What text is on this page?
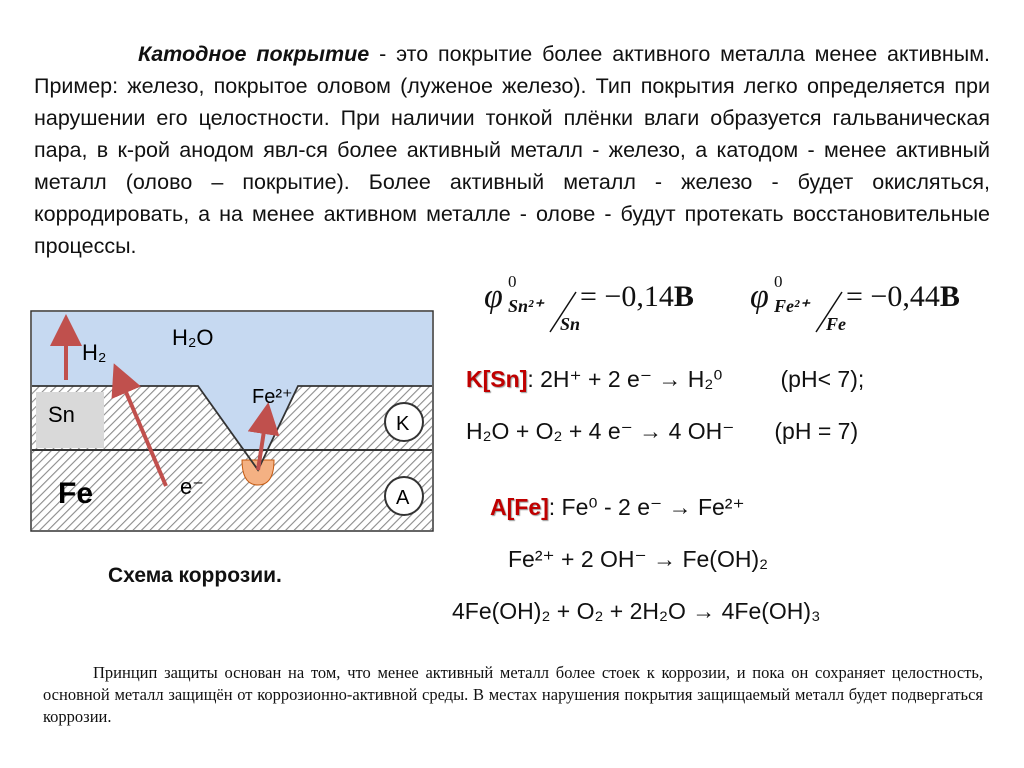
Катодное покрытие - это покрытие более активного металла менее активным. Пример: железо, покрытое оловом (луженое железо). Тип покрытия легко определяется при нарушении его целостности. При наличии тонкой плёнки влаги образуется гальваническая пара, в к-рой анодом явл-ся более активный металл - железо, а катодом - менее активный металл (олово – покрытие). Более активный металл - железо - будет окисляться, корродировать, а на менее активном металле - олове - будут протекать восстановительные процессы.
φ 0
Sn²⁺
Sn
= −0,14В φ 0
Fe²⁺
Fe
= −0,44В
K[Sn]: 2H⁺ + 2 e⁻ → H₂⁰	(pH< 7);
H₂O + O₂ + 4 e⁻ → 4 OH⁻ (pH = 7)
A[Fe]: Fe⁰ - 2 e⁻ → Fe²⁺
Fe²⁺ + 2 OH⁻ → Fe(OH)₂
4Fe(OH)₂ + O₂ + 2H₂O → 4Fe(OH)₃
H₂O
H₂
Sn
Fe
Fe²⁺
e⁻
K
A
Схема коррозии.
Принцип защиты основан на том, что менее активный металл более стоек к коррозии, и пока он сохраняет целостность, основной металл защищён от коррозионно-активной среды. В местах нарушения покрытия защищаемый металл будет подвергаться коррозии.
